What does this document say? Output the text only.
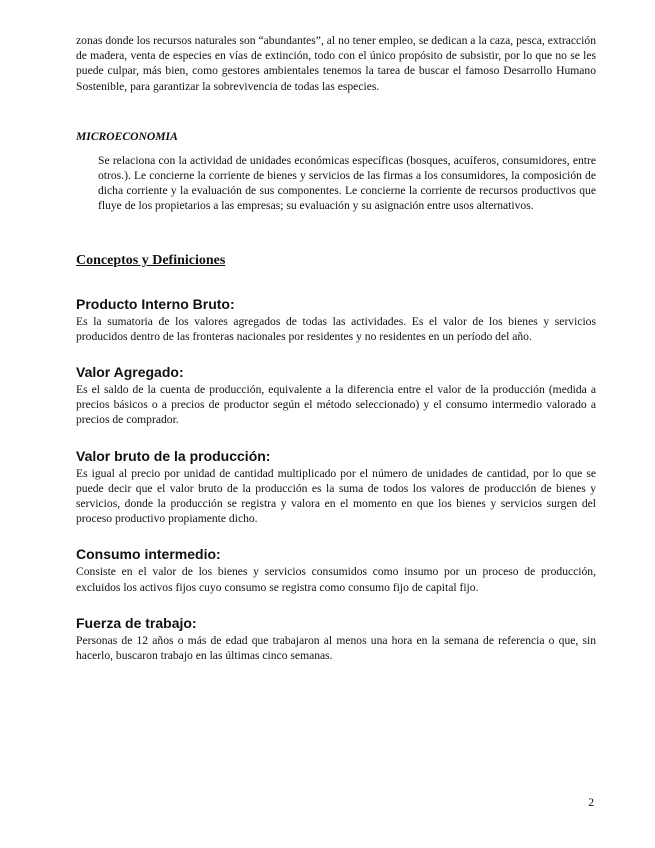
zonas donde los recursos naturales son “abundantes”, al no tener empleo, se dedican a la caza, pesca, extracción de madera, venta de especies en vías de extinción, todo con el único propósito de subsistir, por lo que no se les puede culpar, más bien, como gestores ambientales tenemos la tarea de buscar el famoso Desarrollo Humano Sostenible, para garantizar la sobrevivencia de todas las especies.

MICROECONOMIA

Se relaciona con la actividad de unidades económicas específicas (bosques, acuíferos, consumidores, entre otros.). Le concierne la corriente de bienes y servicios de las firmas a los consumidores, la composición de dicha corriente y la evaluación de sus componentes. Le concierne la corriente de recursos productivos que fluye de los propietarios a las empresas; su evaluación y su asignación entre usos alternativos.

Conceptos y Definiciones
Producto Interno Bruto:

Es la sumatoria de los valores agregados de todas las actividades. Es el valor de los bienes y servicios producidos dentro de las fronteras nacionales por residentes y no residentes en un período del año.

Valor Agregado:

Es el saldo de la cuenta de producción, equivalente a la diferencia entre el valor de la producción (medida a precios básicos o a precios de productor según el método seleccionado) y el consumo intermedio valorado a precios de comprador.

Valor bruto de la producción:

Es igual al precio por unidad de cantidad multiplicado por el número de unidades de cantidad, por lo que se puede decir que el valor bruto de la producción es la suma de todos los valores de producción de bienes y servicios, donde la producción se registra y valora en el momento en que los bienes y servicios surgen del proceso productivo propiamente dicho.

Consumo intermedio:

Consiste en el valor de los bienes y servicios consumidos como insumo por un proceso de producción, excluidos los activos fijos cuyo consumo se registra como consumo fijo de capital fijo.

Fuerza de trabajo:

Personas de 12 años o más de edad que trabajaron al menos una hora en la semana de referencia o que, sin hacerlo, buscaron trabajo en las últimas cinco semanas.

2
